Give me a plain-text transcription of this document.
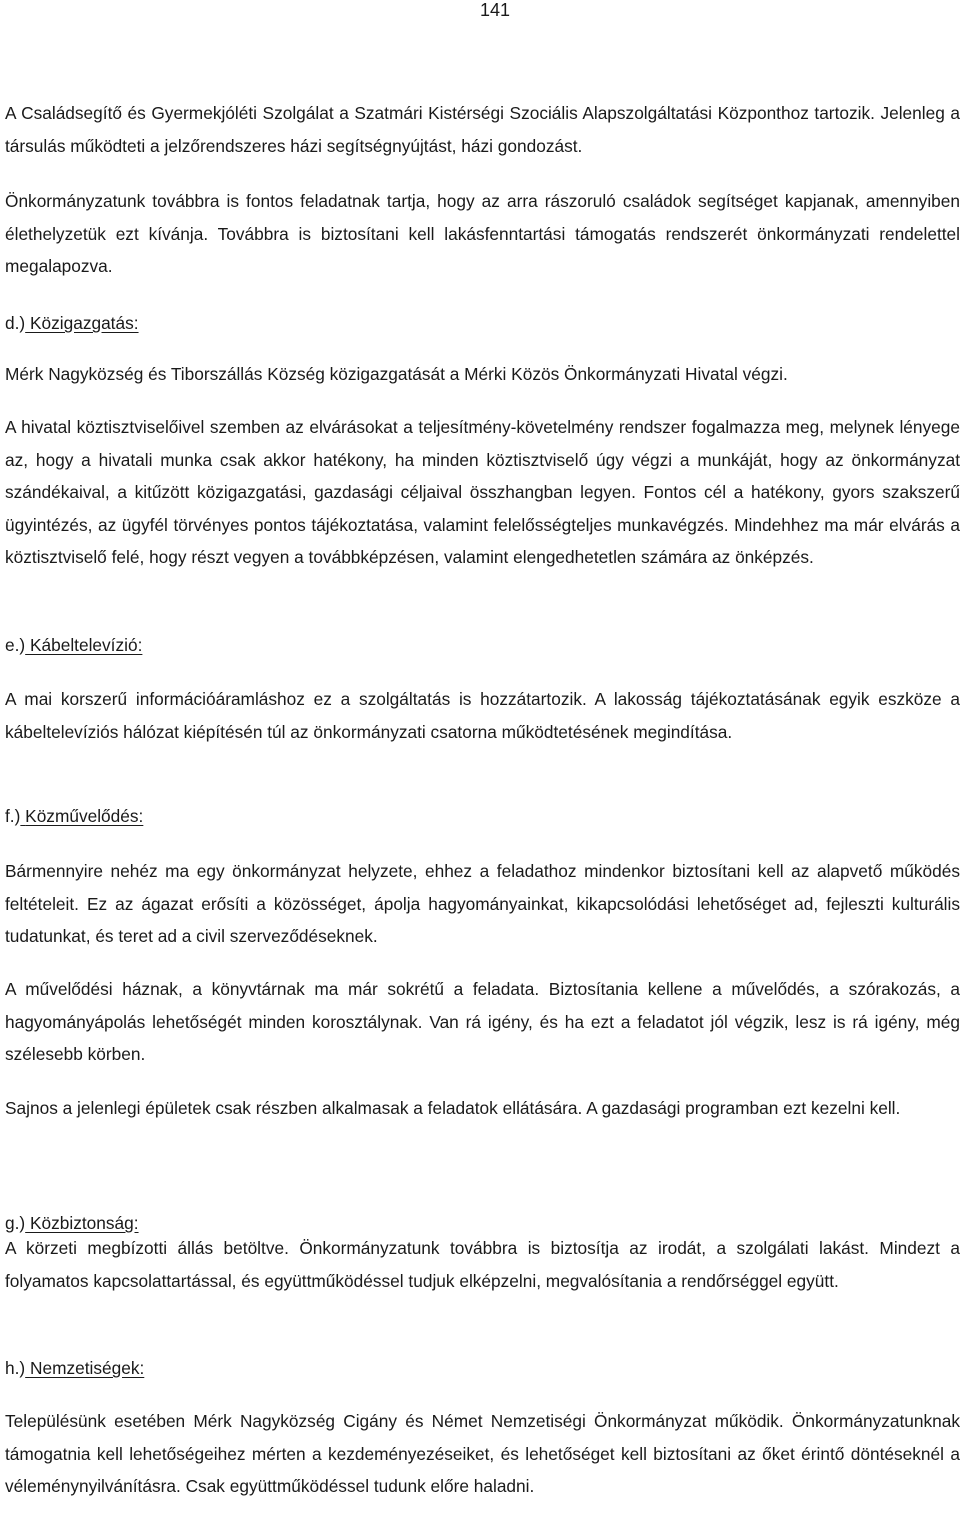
141

A Családsegítő és Gyermekjóléti Szolgálat a Szatmári Kistérségi Szociális Alapszolgáltatási Központhoz tartozik. Jelenleg a társulás működteti a jelzőrendszeres házi segítségnyújtást, házi gondozást.

Önkormányzatunk továbbra is fontos feladatnak tartja, hogy az arra rászoruló családok segítséget kapjanak, amennyiben élethelyzetük ezt kívánja. Továbbra is biztosítani kell lakásfenntartási támogatás rendszerét önkormányzati rendelettel megalapozva.

d.) Közigazgatás:

Mérk Nagyközség és Tiborszállás Község közigazgatását a Mérki Közös Önkormányzati Hivatal végzi.

A hivatal köztisztviselőivel szemben az elvárásokat a teljesítmény-követelmény rendszer fogalmazza meg, melynek lényege az, hogy a hivatali munka csak akkor hatékony, ha minden köztisztviselő úgy végzi a munkáját, hogy az önkormányzat szándékaival, a kitűzött közigazgatási, gazdasági céljaival összhangban legyen. Fontos cél a hatékony, gyors szakszerű ügyintézés, az ügyfél törvényes pontos tájékoztatása, valamint felelősségteljes munkavégzés. Mindehhez ma már elvárás a köztisztviselő felé, hogy részt vegyen a továbbképzésen, valamint elengedhetetlen számára az önképzés.

e.) Kábeltelevízió:

A mai korszerű információáramláshoz ez a szolgáltatás is hozzátartozik. A lakosság tájékoztatásának egyik eszköze a kábeltelevíziós hálózat kiépítésén túl az önkormányzati csatorna működtetésének megindítása.

f.) Közművelődés:

Bármennyire nehéz ma egy önkormányzat helyzete, ehhez a feladathoz mindenkor biztosítani kell az alapvető működés feltételeit. Ez az ágazat erősíti a közösséget, ápolja hagyományainkat, kikapcsolódási lehetőséget ad, fejleszti kulturális tudatunkat, és teret ad a civil szerveződéseknek.

A művelődési háznak, a könyvtárnak ma már sokrétű a feladata. Biztosítania kellene a művelődés, a szórakozás, a hagyományápolás lehetőségét minden korosztálynak. Van rá igény, és ha ezt a feladatot jól végzik, lesz is rá igény, még szélesebb körben.

Sajnos a jelenlegi épületek csak részben alkalmasak a feladatok ellátására. A gazdasági programban ezt kezelni kell.

g.) Közbiztonság:

A körzeti megbízotti állás betöltve. Önkormányzatunk továbbra is biztosítja az irodát, a szolgálati lakást. Mindezt a folyamatos kapcsolattartással, és együttműködéssel tudjuk elképzelni, megvalósítania a rendőrséggel együtt.

h.) Nemzetiségek:

Településünk esetében Mérk Nagyközség Cigány és Német Nemzetiségi Önkormányzat működik. Önkormányzatunknak támogatnia kell lehetőségeihez mérten a kezdeményezéseiket, és lehetőséget kell biztosítani az őket érintő döntéseknél a véleménynyilvánításra. Csak együttműködéssel tudunk előre haladni.
